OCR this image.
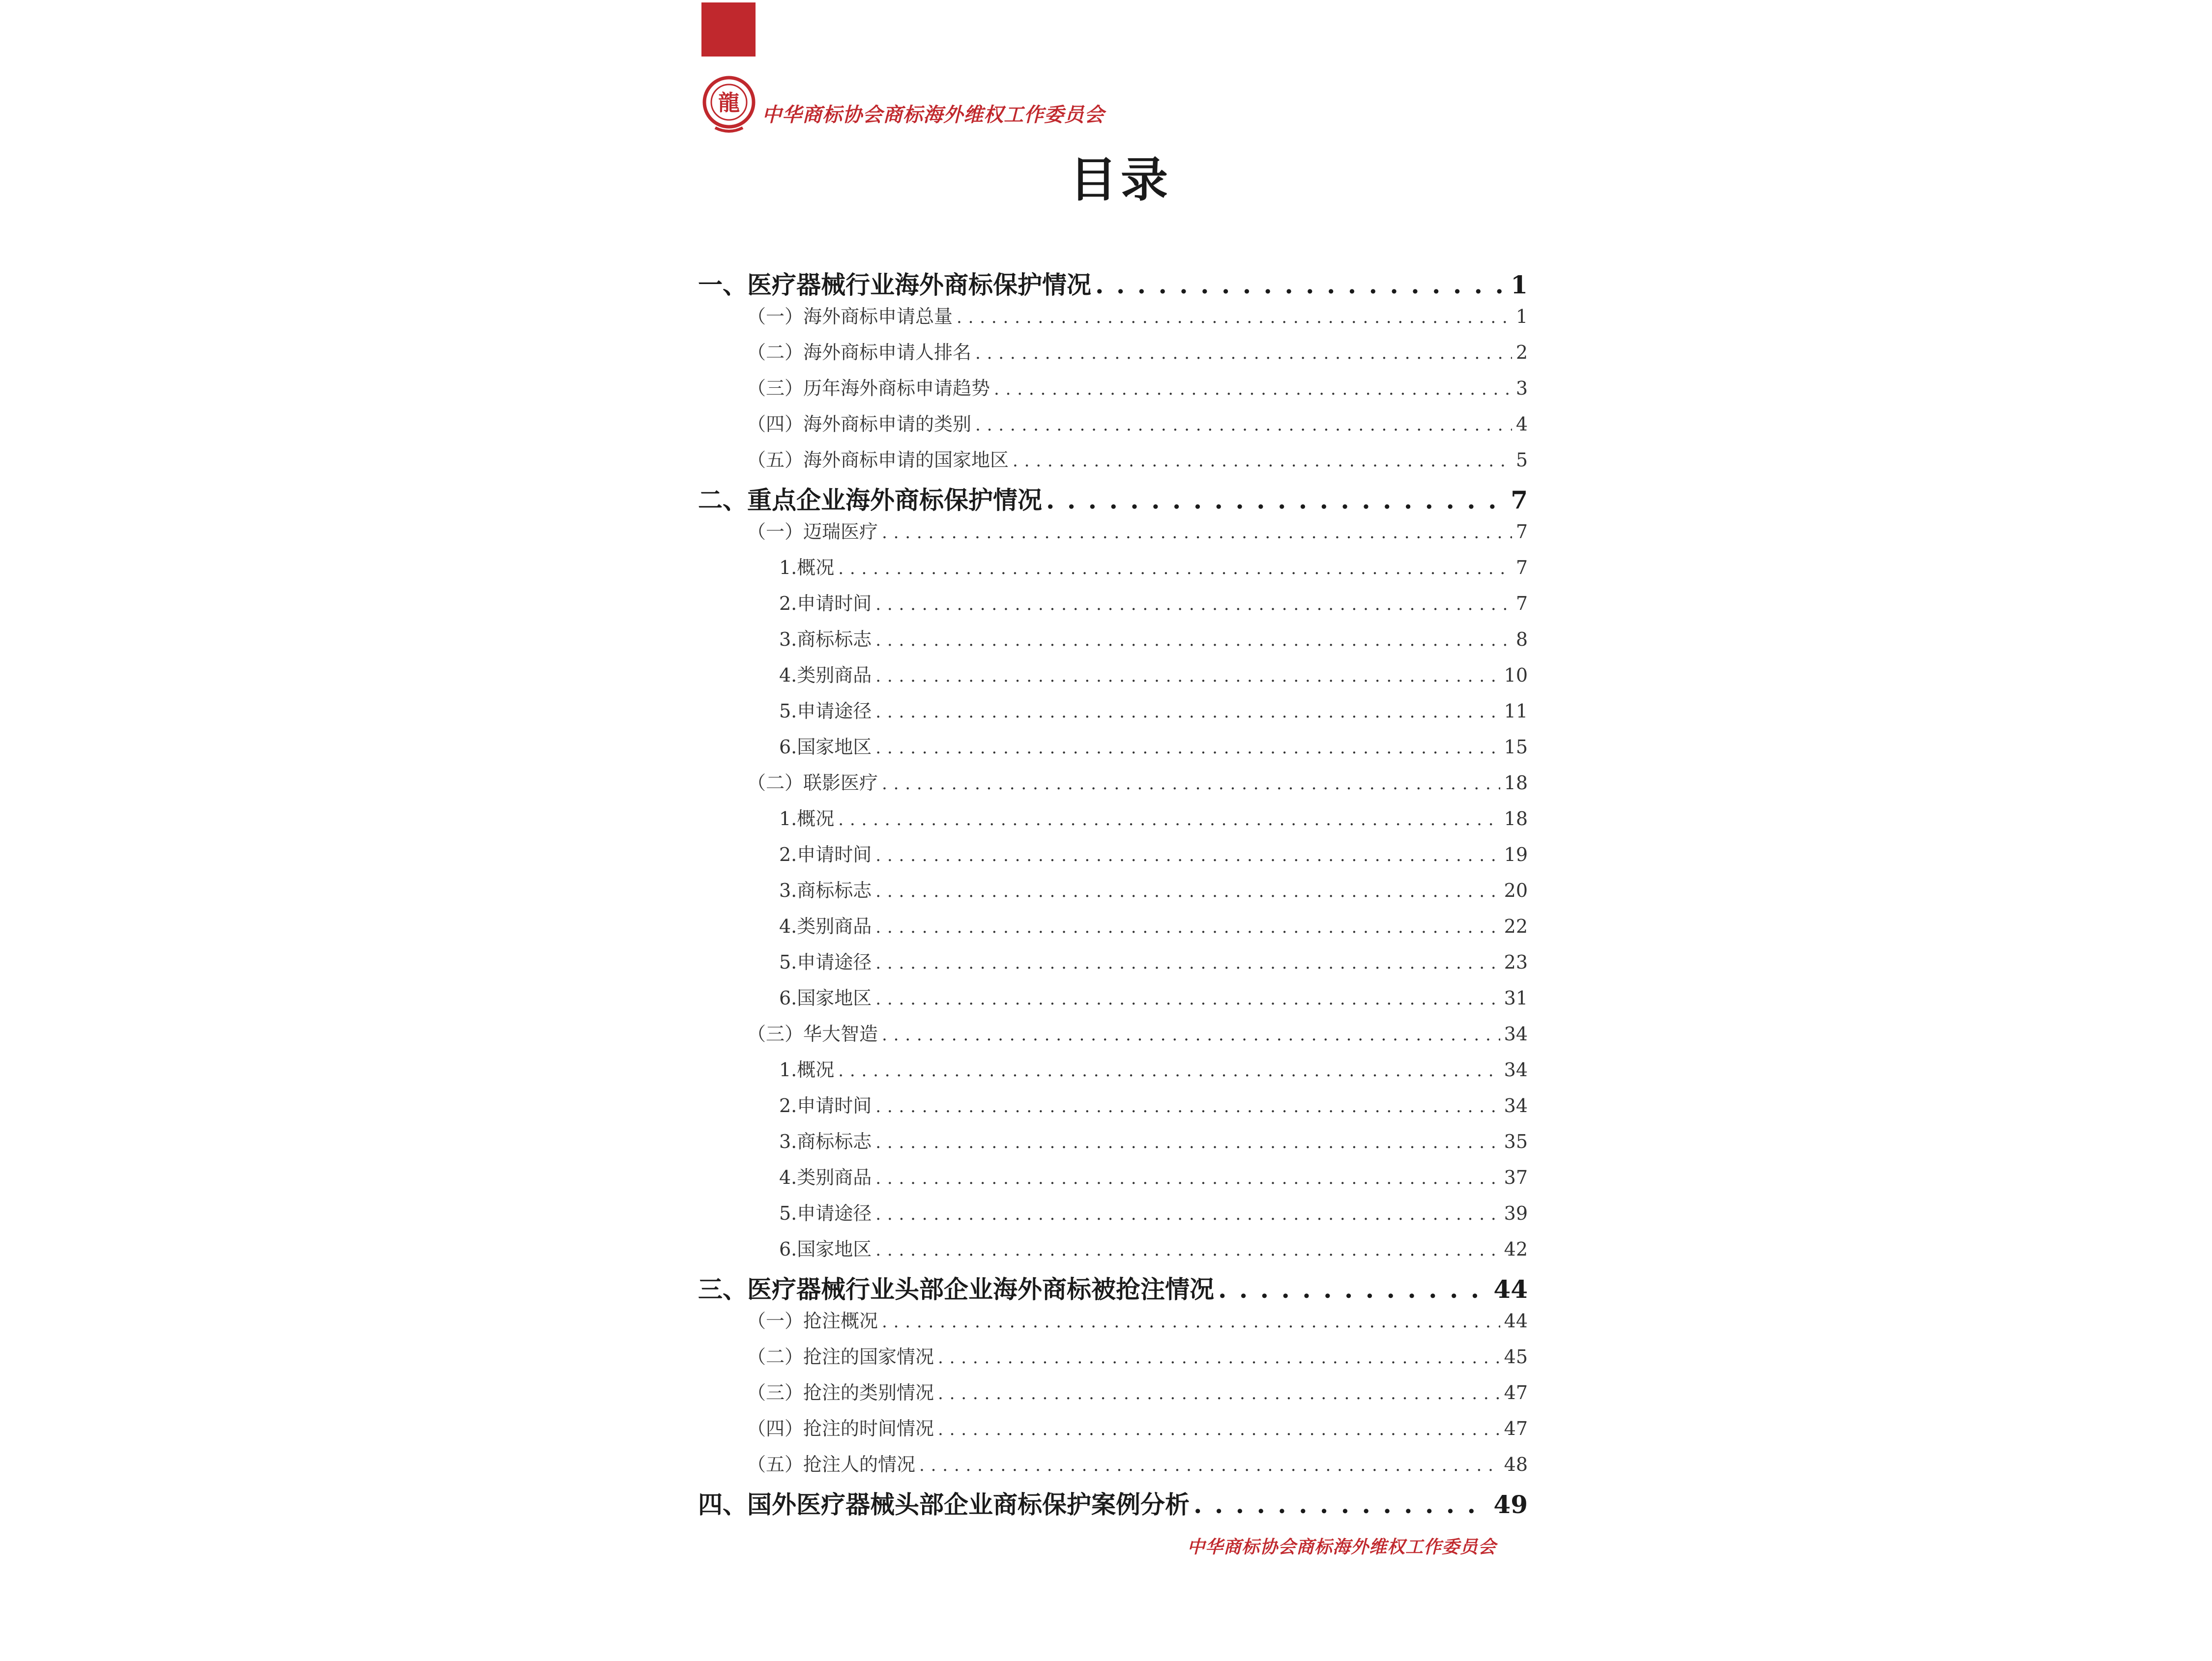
龍 中华商标协会商标海外维权工作委员会
目录
一、医疗器械行业海外商标保护情况 . . .	1
（一）海外商标申请总量 . . .	1
（二）海外商标申请人排名 . . .	2
（三）历年海外商标申请趋势 . . .	3
（四）海外商标申请的类别 . . .	4
（五）海外商标申请的国家地区 . . .	5
二、重点企业海外商标保护情况 . . .	7
（一）迈瑞医疗 . . .	7
1.概况 . . .	7
2.申请时间 . . .	7
3.商标标志 . . .	8
4.类别商品 . . .	10
5.申请途径 . . .	11
6.国家地区 . . .	15
（二）联影医疗 . . .	18
1.概况 . . .	18
2.申请时间 . . .	19
3.商标标志 . . .	20
4.类别商品 . . .	22
5.申请途径 . . .	23
6.国家地区 . . .	31
（三）华大智造 . . .	34
1.概况 . . .	34
2.申请时间 . . .	34
3.商标标志 . . .	35
4.类别商品 . . .	37
5.申请途径 . . .	39
6.国家地区 . . .	42
三、医疗器械行业头部企业海外商标被抢注情况 . . .	44
（一）抢注概况 . . .	44
（二）抢注的国家情况 . . .	45
（三）抢注的类别情况 . . .	47
（四）抢注的时间情况 . . .	47
（五）抢注人的情况 . . .	48
四、国外医疗器械头部企业商标保护案例分析 . . .	49
中华商标协会商标海外维权工作委员会
